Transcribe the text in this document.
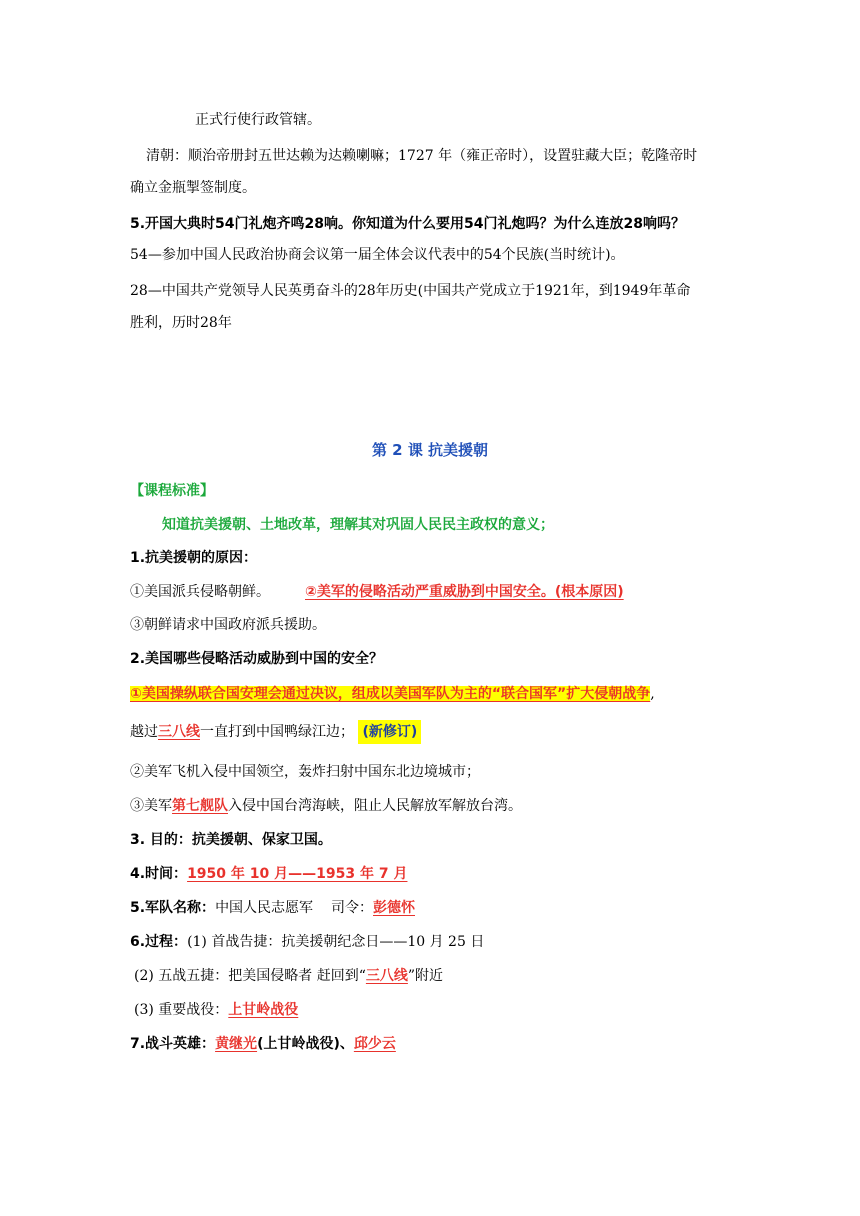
正式行使行政管辖。
清朝：顺治帝册封五世达赖为达赖喇嘛；1727 年（雍正帝时），设置驻藏大臣；乾隆帝时
确立金瓶掣签制度。
5.开国大典时54门礼炮齐鸣28响。你知道为什么要用54门礼炮吗？为什么连放28响吗？
54—参加中国人民政治协商会议第一届全体会议代表中的54个民族(当时统计)。
28—中国共产党领导人民英勇奋斗的28年历史(中国共产党成立于1921年，到1949年革命
胜利，历时28年
第 2 课 抗美援朝
【课程标准】
知道抗美援朝、土地改革，理解其对巩固人民民主政权的意义；
1.抗美援朝的原因：
①美国派兵侵略朝鲜。	②美军的侵略活动严重威胁到中国安全。(根本原因)
③朝鲜请求中国政府派兵援助。
2.美国哪些侵略活动威胁到中国的安全？
①美国操纵联合国安理会通过决议，组成以美国军队为主的“联合国军”扩大侵朝战争,
越过三八线一直打到中国鸭绿江边； (新修订)
②美军飞机入侵中国领空，轰炸扫射中国东北边境城市；
③美军第七舰队入侵中国台湾海峡，阻止人民解放军解放台湾。
3. 目的：抗美援朝、保家卫国。
4.时间：1950 年 10 月——1953 年 7 月
5.军队名称：中国人民志愿军 司令：彭德怀
6.过程：(1) 首战告捷：抗美援朝纪念日——10 月 25 日
(2) 五战五捷：把美国侵略者 赶回到“三八线”附近
(3) 重要战役：上甘岭战役
7.战斗英雄：黄继光(上甘岭战役)、邱少云
